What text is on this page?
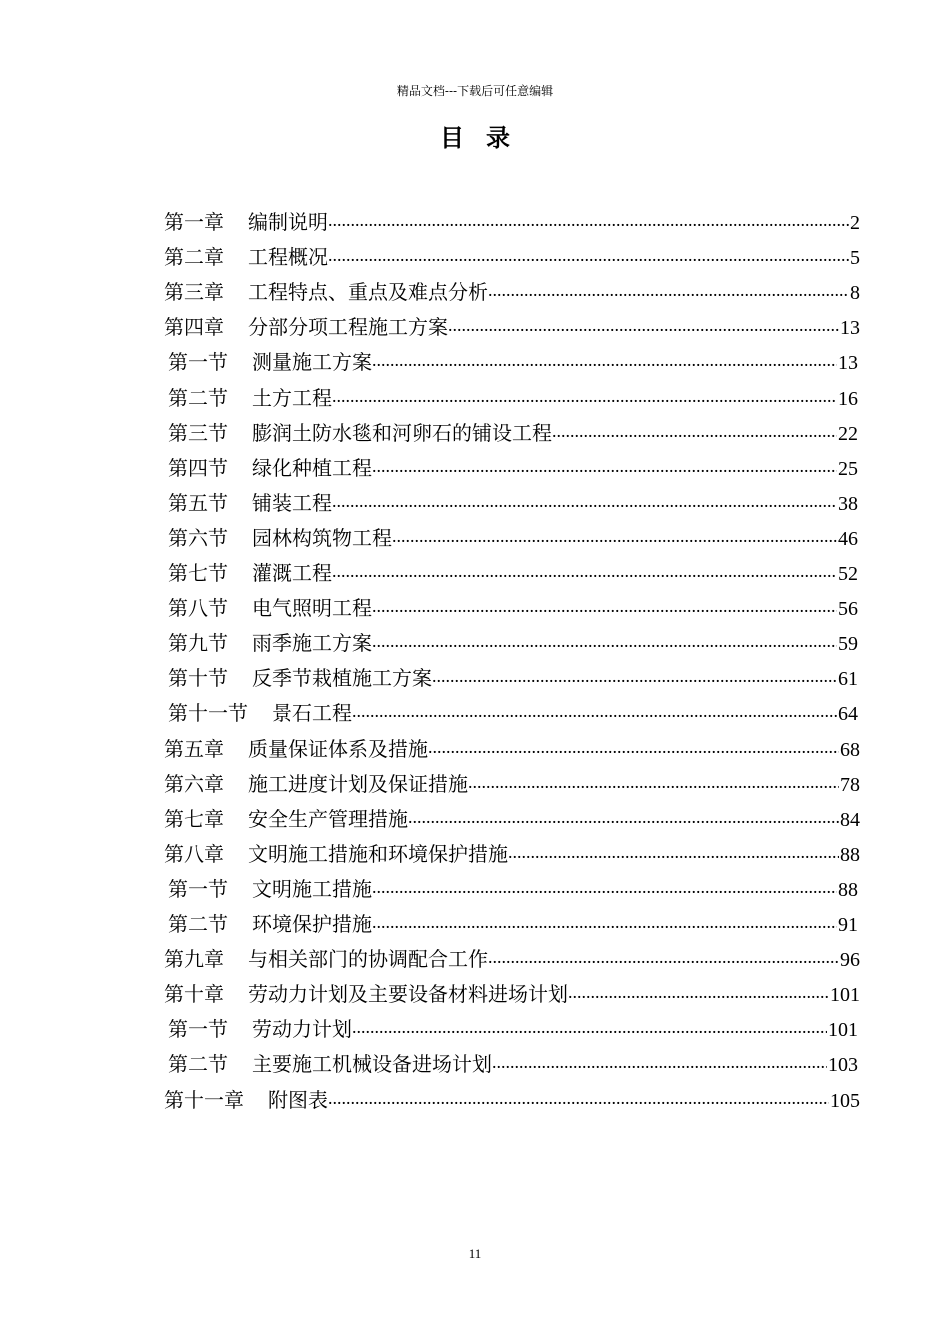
精品文档---下载后可任意编辑
目录
第一章 编制说明 .....	2
第二章 工程概况 .....	5
第三章 工程特点、重点及难点分析 .....	8
第四章 分部分项工程施工方案 .....	13
第一节 测量施工方案 .....	13
第二节 土方工程 .....	16
第三节 膨润土防水毯和河卵石的铺设工程 .....	22
第四节 绿化种植工程 .....	25
第五节 铺装工程 .....	38
第六节 园林构筑物工程 .....	46
第七节 灌溉工程 .....	52
第八节 电气照明工程 .....	56
第九节 雨季施工方案 .....	59
第十节 反季节栽植施工方案 .....	61
第十一节 景石工程 .....	64
第五章 质量保证体系及措施 .....	68
第六章 施工进度计划及保证措施 .....	78
第七章 安全生产管理措施 .....	84
第八章 文明施工措施和环境保护措施 .....	88
第一节 文明施工措施 .....	88
第二节 环境保护措施 .....	91
第九章 与相关部门的协调配合工作 .....	96
第十章 劳动力计划及主要设备材料进场计划 .....	101
第一节 劳动力计划 .....	101
第二节 主要施工机械设备进场计划 .....	103
第十一章 附图表 .....	105
11
